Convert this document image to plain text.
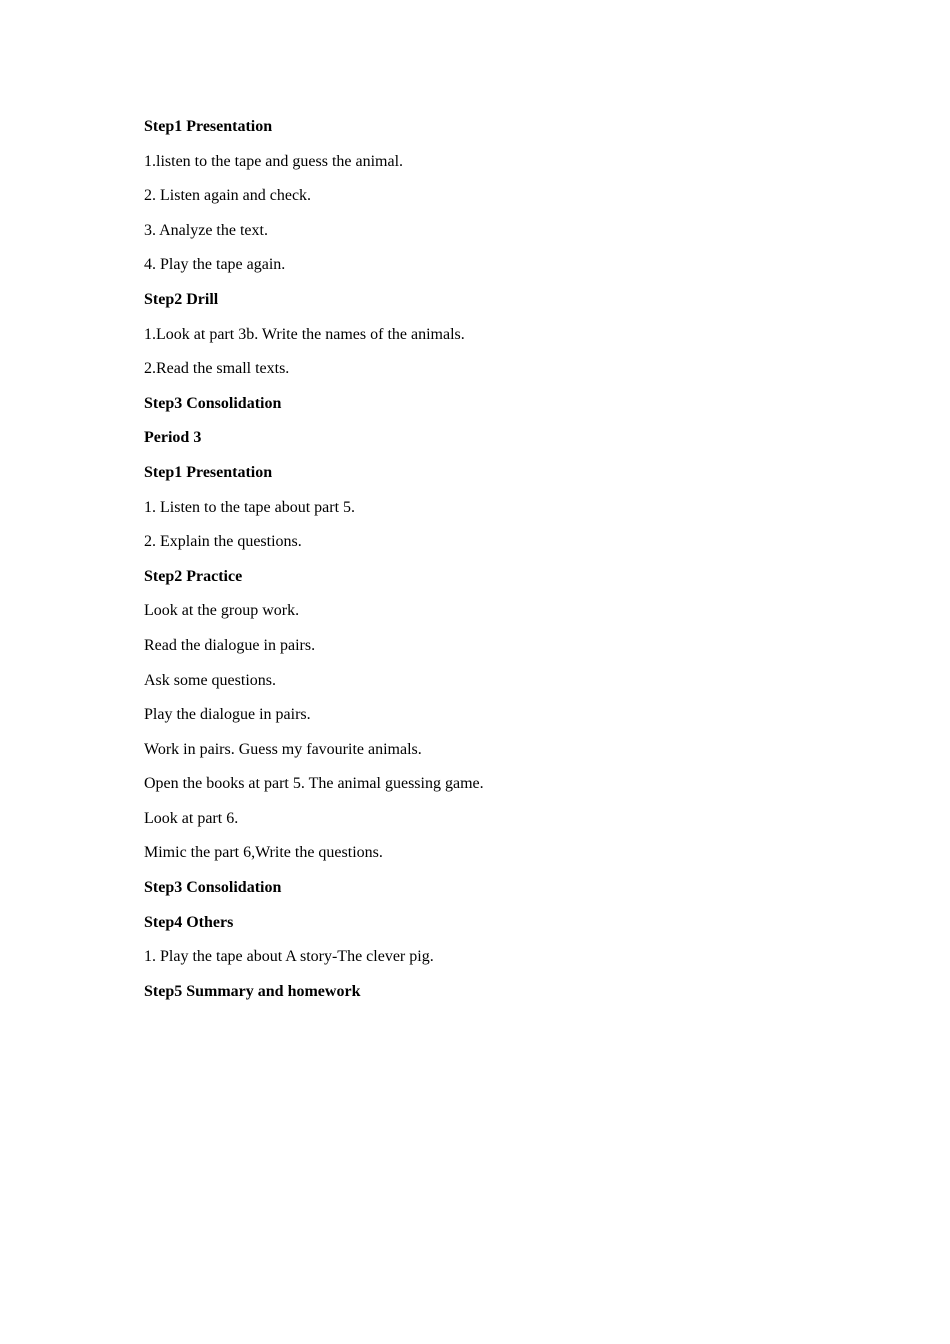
Step1 Presentation
1.listen to the tape and guess the animal.
2. Listen again and check.
3. Analyze the text.
4. Play the tape again.
Step2 Drill
1.Look at part 3b. Write the names of the animals.
2.Read the small texts.
Step3 Consolidation
Period 3
Step1 Presentation
1. Listen to the tape about part 5.
2. Explain the questions.
Step2 Practice
Look at the group work.
Read the dialogue in pairs.
Ask some questions.
Play the dialogue in pairs.
Work in pairs. Guess my favourite animals.
Open the books at part 5. The animal guessing game.
Look at part 6.
Mimic the part 6,Write the questions.
Step3 Consolidation
Step4 Others
1. Play the tape about A story-The clever pig.
Step5 Summary and homework
